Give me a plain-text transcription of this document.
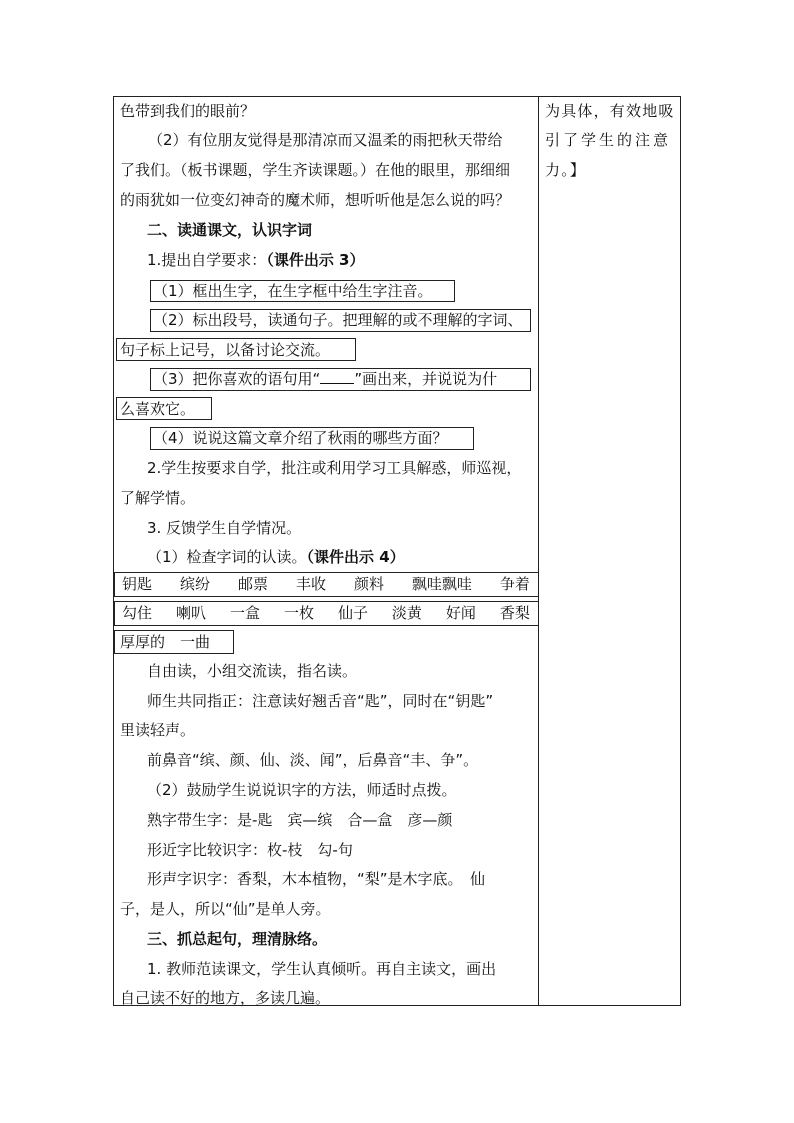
色带到我们的眼前？
（2）有位朋友觉得是那清凉而又温柔的雨把秋天带给
了我们。（板书课题，学生齐读课题。）在他的眼里，那细细
的雨犹如一位变幻神奇的魔术师，想听听他是怎么说的吗？
二、读通课文，认识字词
1.提出自学要求：（课件出示 3）
（1）框出生字，在生字框中给生字注音。
（2）标出段号，读通句子。把理解的或不理解的字词、
句子标上记号，以备讨论交流。
（3）把你喜欢的语句用“ ”画出来，并说说为什
么喜欢它。
（4）说说这篇文章介绍了秋雨的哪些方面？
2.学生按要求自学，批注或利用学习工具解惑，师巡视，
了解学情。
3. 反馈学生自学情况。
（1）检查字词的认读。（课件出示 4）
钥匙 缤纷 邮票 丰收 颜料 飘哇飘哇 争着
勾住 喇叭 一盒 一枚 仙子 淡黄 好闻 香梨
厚厚的　 一曲
自由读，小组交流读，指名读。
师生共同指正：注意读好翘舌音“匙”，同时在“钥匙”
里读轻声。
前鼻音“缤、颜、仙、淡、闻”，后鼻音“丰、争”。
（2）鼓励学生说说识字的方法，师适时点拨。
熟字带生字：是-匙　宾—缤　合—盒　彦—颜
形近字比较识字：枚-枝　勾-句
形声字识字：香梨，木本植物，“梨”是木字底。　仙
子，是人，所以“仙”是单人旁。
三、抓总起句，理清脉络。
1. 教师范读课文，学生认真倾听。再自主读文，画出
自己读不好的地方，多读几遍。
为具体，有效地吸
引了学生的注意
力。】
